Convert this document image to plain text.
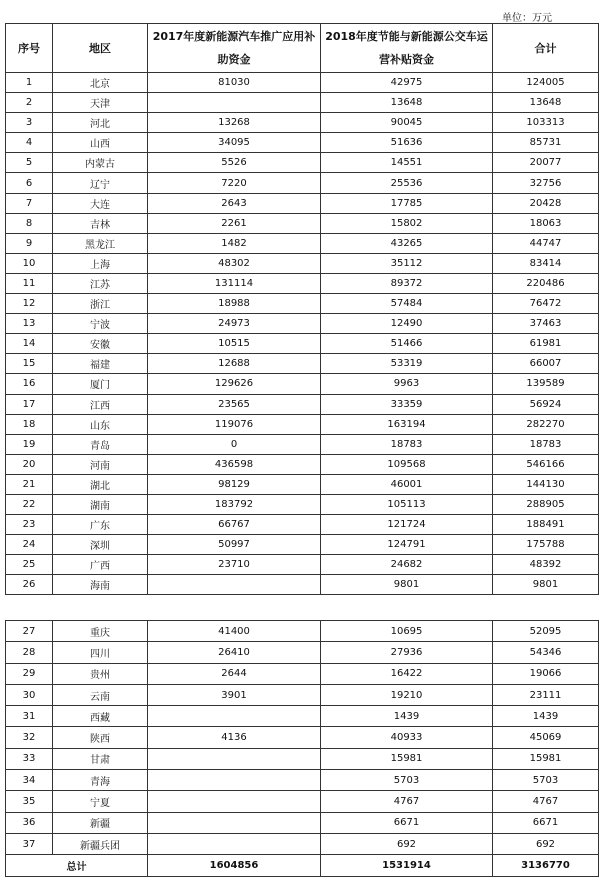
单位：万元
序号	地区	2017年度新能源汽车推广应用补助资金	2018年度节能与新能源公交车运营补贴资金	合计
1	北京	81030	42975	124005
2	天津		13648	13648
3	河北	13268	90045	103313
4	山西	34095	51636	85731
5	内蒙古	5526	14551	20077
6	辽宁	7220	25536	32756
7	大连	2643	17785	20428
8	吉林	2261	15802	18063
9	黑龙江	1482	43265	44747
10	上海	48302	35112	83414
11	江苏	131114	89372	220486
12	浙江	18988	57484	76472
13	宁波	24973	12490	37463
14	安徽	10515	51466	61981
15	福建	12688	53319	66007
16	厦门	129626	9963	139589
17	江西	23565	33359	56924
18	山东	119076	163194	282270
19	青岛	0	18783	18783
20	河南	436598	109568	546166
21	湖北	98129	46001	144130
22	湖南	183792	105113	288905
23	广东	66767	121724	188491
24	深圳	50997	124791	175788
25	广西	23710	24682	48392
26	海南		9801	9801
27	重庆	41400	10695	52095
28	四川	26410	27936	54346
29	贵州	2644	16422	19066
30	云南	3901	19210	23111
31	西藏		1439	1439
32	陕西	4136	40933	45069
33	甘肃		15981	15981
34	青海		5703	5703
35	宁夏		4767	4767
36	新疆		6671	6671
37	新疆兵团		692	692
总计		1604856	1531914	3136770
